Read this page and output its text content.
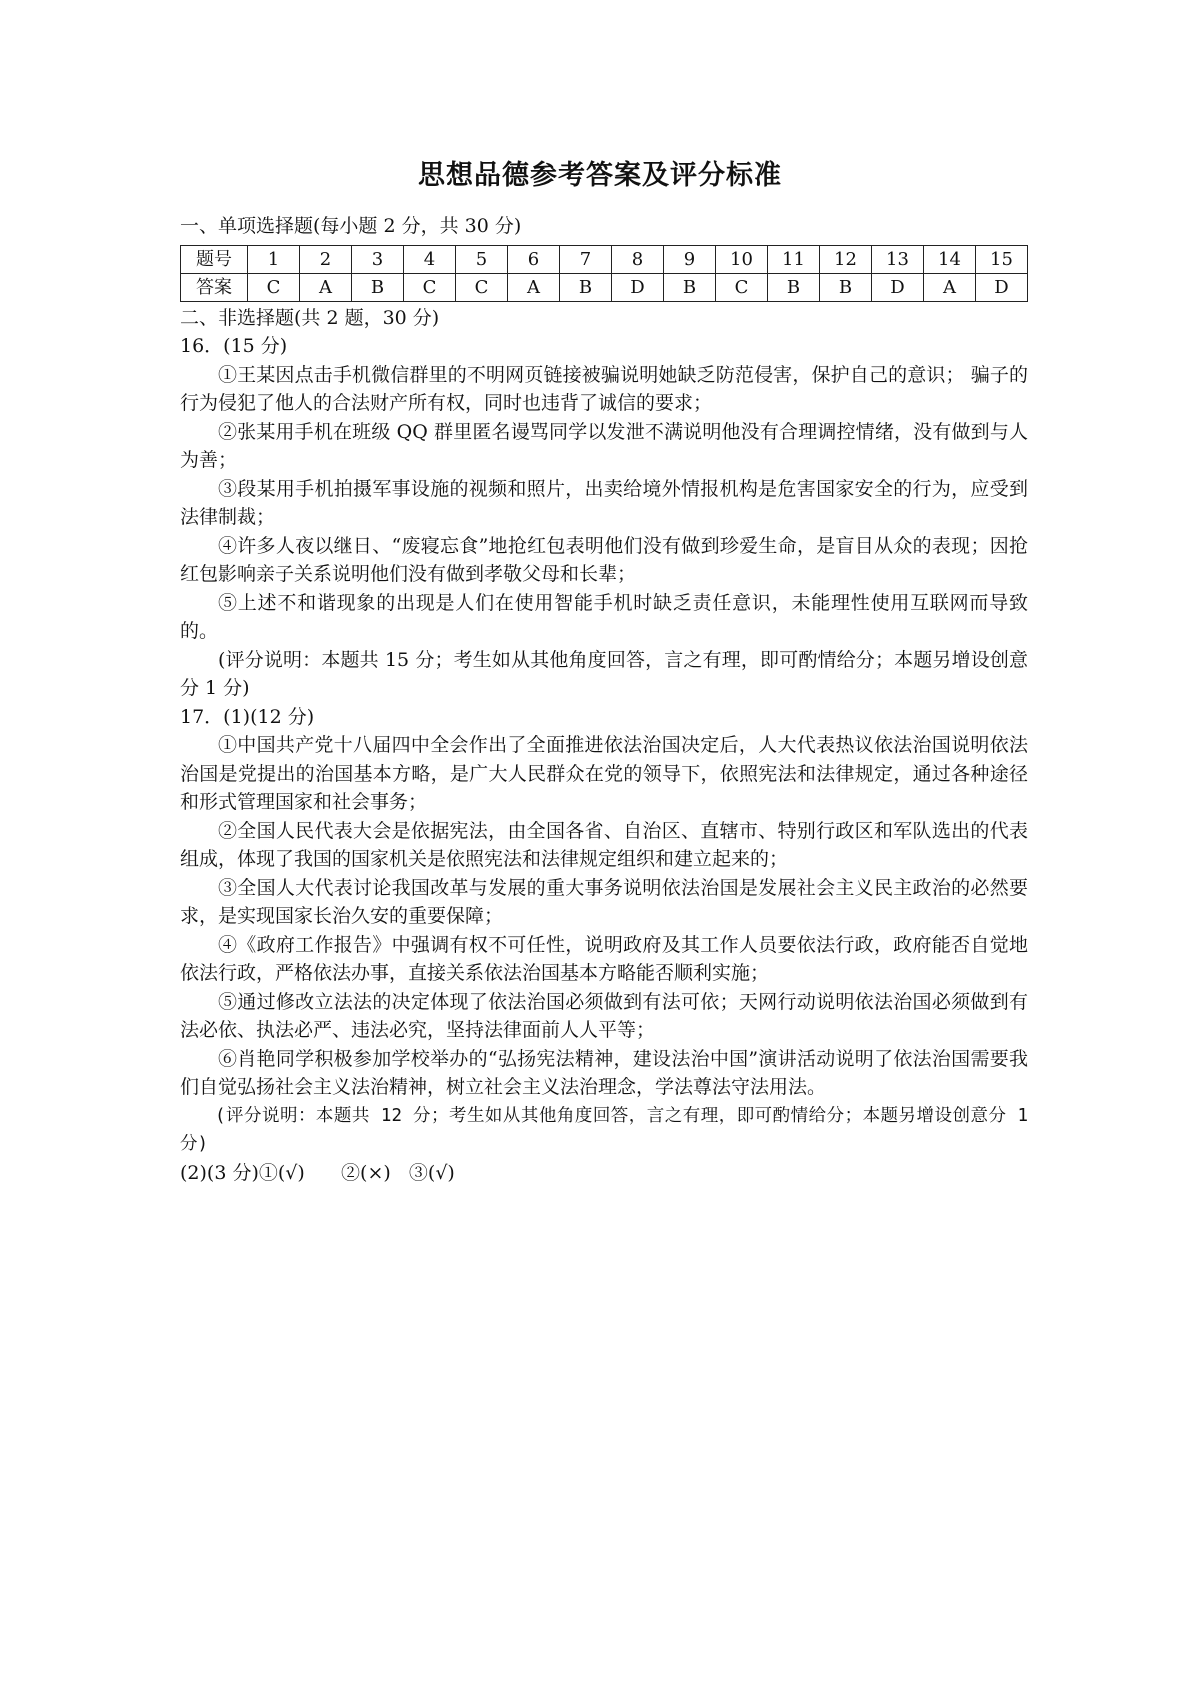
思想品德参考答案及评分标准

一、单项选择题(每小题 2 分，共 30 分)

题号	1	2	3	4	5	6	7	8	9	10	11	12	13	14	15
答案	C	A	B	C	C	A	B	D	B	C	B	B	D	A	D

二、非选择题(共 2 题，30 分)

16．(15 分)

①王某因点击手机微信群里的不明网页链接被骗说明她缺乏防范侵害，保护自己的意识； 骗子的行为侵犯了他人的合法财产所有权，同时也违背了诚信的要求；

②张某用手机在班级 QQ 群里匿名谩骂同学以发泄不满说明他没有合理调控情绪，没有做到与人为善；

③段某用手机拍摄军事设施的视频和照片，出卖给境外情报机构是危害国家安全的行为，应受到法律制裁；

④许多人夜以继日、“废寝忘食”地抢红包表明他们没有做到珍爱生命，是盲目从众的表现；因抢红包影响亲子关系说明他们没有做到孝敬父母和长辈；

⑤上述不和谐现象的出现是人们在使用智能手机时缺乏责任意识，未能理性使用互联网而导致的。

(评分说明：本题共 15 分；考生如从其他角度回答，言之有理，即可酌情给分；本题另增设创意分 1 分)

17．(1)(12 分)

①中国共产党十八届四中全会作出了全面推进依法治国决定后，人大代表热议依法治国说明依法治国是党提出的治国基本方略，是广大人民群众在党的领导下，依照宪法和法律规定，通过各种途径和形式管理国家和社会事务；

②全国人民代表大会是依据宪法，由全国各省、自治区、直辖市、特别行政区和军队选出的代表组成，体现了我国的国家机关是依照宪法和法律规定组织和建立起来的；

③全国人大代表讨论我国改革与发展的重大事务说明依法治国是发展社会主义民主政治的必然要求，是实现国家长治久安的重要保障；

④《政府工作报告》中强调有权不可任性，说明政府及其工作人员要依法行政，政府能否自觉地依法行政，严格依法办事，直接关系依法治国基本方略能否顺利实施；

⑤通过修改立法法的决定体现了依法治国必须做到有法可依；天网行动说明依法治国必须做到有法必依、执法必严、违法必究，坚持法律面前人人平等；

⑥肖艳同学积极参加学校举办的“弘扬宪法精神，建设法治中国”演讲活动说明了依法治国需要我们自觉弘扬社会主义法治精神，树立社会主义法治理念，学法尊法守法用法。

(评分说明：本题共 12 分；考生如从其他角度回答，言之有理，即可酌情给分；本题另增设创意分 1 分)

(2)(3 分)①(√)      ②(×)   ③(√)
